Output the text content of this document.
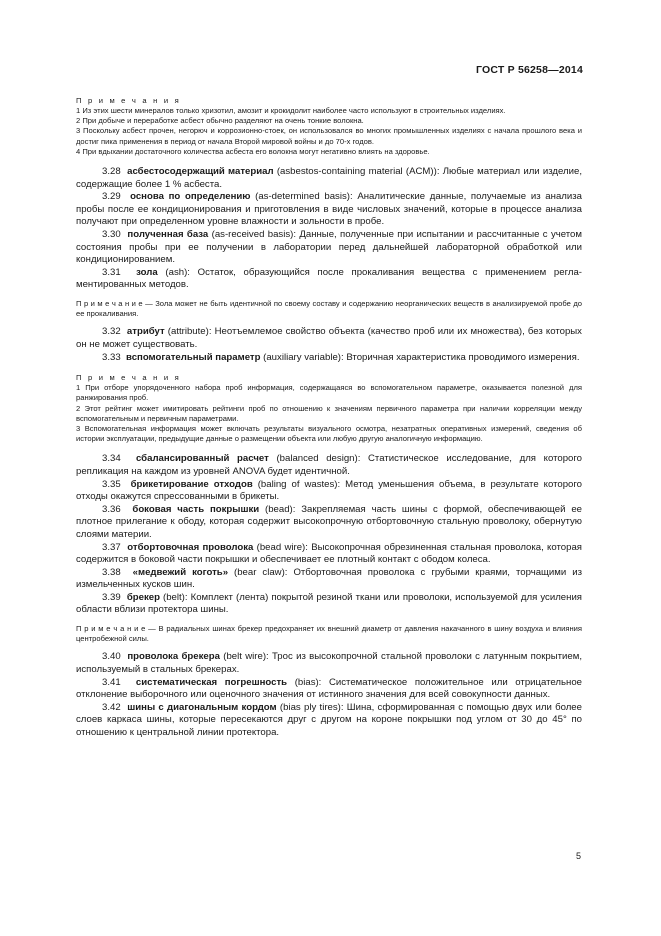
ГОСТ Р 56258—2014
П р и м е ч а н и я
1 Из этих шести минералов только хризотил, амозит и крокидолит наиболее часто используют в строительных изделиях.
2 При добыче и переработке асбест обычно разделяют на очень тонкие волокна.
3 Поскольку асбест прочен, негорюч и коррозионно-стоек, он использовался во многих промышленных изделиях с начала прошлого века и достиг пика применения в период от начала Второй мировой войны и до 70-х годов.
4 При вдыхании достаточного количества асбеста его волокна могут негативно влиять на здоровье.

3.28 асбестосодержащий материал (asbestos-containing material (ACM)): Любые материал или изделие, содержащие более 1 % асбеста.

3.29 основа по определению (as-determined basis): Аналитические данные, получаемые из анализа пробы после ее кондиционирования и приготовления в виде числовых значений, которые в процессе анализа получают при определенном уровне влажности и зольности в пробе.

3.30 полученная база (as-received basis): Данные, полученные при испытании и рассчитанные с учетом состояния пробы при ее получении в лаборатории перед дальнейшей лабораторной обработкой или кондиционированием.

3.31 зола (ash): Остаток, образующийся после прокаливания вещества с применением регламентированных методов.

П р и м е ч а н и е — Зола может не быть идентичной по своему составу и содержанию неорганических веществ в анализируемой пробе до ее прокаливания.

3.32 атрибут (attribute): Неотъемлемое свойство объекта (качество проб или их множества), без которых он не может существовать.

3.33 вспомогательный параметр (auxiliary variable): Вторичная характеристика проводимого измерения.

П р и м е ч а н и я
1 При отборе упорядоченного набора проб информация, содержащаяся во вспомогательном параметре, оказывается полезной для ранжирования проб.
2 Этот рейтинг может имитировать рейтинги проб по отношению к значениям первичного параметра при наличии корреляции между вспомогательным и первичным параметрами.
3 Вспомогательная информация может включать результаты визуального осмотра, незатратных оперативных измерений, сведения об истории эксплуатации, предыдущие данные о размещении объекта или любую другую аналогичную информацию.

3.34 сбалансированный расчет (balanced design): Статистическое исследование, для которого репликация на каждом из уровней ANOVA будет идентичной.

3.35 брикетирование отходов (baling of wastes): Метод уменьшения объема, в результате которого отходы окажутся спрессованными в брикеты.

3.36 боковая часть покрышки (bead): Закрепляемая часть шины с формой, обеспечивающей ее плотное прилегание к ободу, которая содержит высокопрочную отбортовочную стальную проволоку, обернутую слоями материи.

3.37 отбортовочная проволока (bead wire): Высокопрочная обрезиненная стальная проволока, которая содержится в боковой части покрышки и обеспечивает ее плотный контакт с ободом колеса.

3.38 «медвежий коготь» (bear claw): Отбортовочная проволока с грубыми краями, торчащими из измельченных кусков шин.

3.39 брекер (belt): Комплект (лента) покрытой резиной ткани или проволоки, используемой для усиления области вблизи протектора шины.

П р и м е ч а н и е — В радиальных шинах брекер предохраняет их внешний диаметр от давления накачанного в шину воздуха и влияния центробежной силы.

3.40 проволока брекера (belt wire): Трос из высокопрочной стальной проволоки с латунным покрытием, используемый в стальных брекерах.

3.41 систематическая погрешность (bias): Систематическое положительное или отрицательное отклонение выборочного или оценочного значения от истинного значения для всей совокупности данных.

3.42 шины с диагональным кордом (bias ply tires): Шина, сформированная с помощью двух или более слоев каркаса шины, которые пересекаются друг с другом на короне покрышки под углом от 30 до 45° по отношению к центральной линии протектора.

5
